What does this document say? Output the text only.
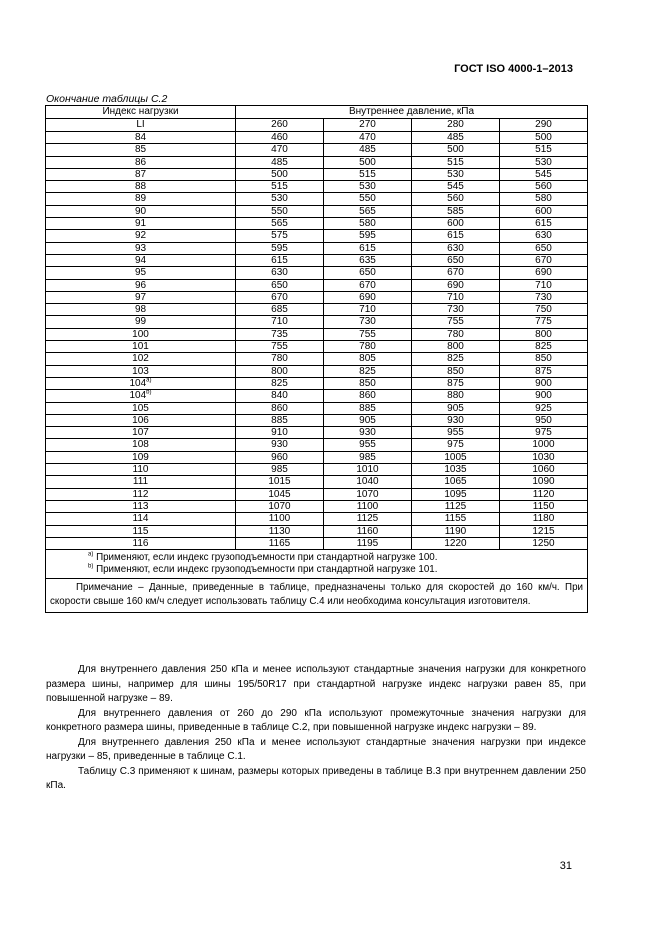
ГОСТ ISO 4000-1–2013
Окончание таблицы С.2
Индекс нагрузки	Внутреннее давление, кПа			
LI	260	270	280	290
84	460	470	485	500
85	470	485	500	515
86	485	500	515	530
87	500	515	530	545
88	515	530	545	560
89	530	550	560	580
90	550	565	585	600
91	565	580	600	615
92	575	595	615	630
93	595	615	630	650
94	615	635	650	670
95	630	650	670	690
96	650	670	690	710
97	670	690	710	730
98	685	710	730	750
99	710	730	755	775
100	735	755	780	800
101	755	780	800	825
102	780	805	825	850
103	800	825	850	875
104$^{a)}$	825	850	875	900
104$^{b)}$	840	860	880	900
105	860	885	905	925
106	885	905	930	950
107	910	930	955	975
108	930	955	975	1000
109	960	985	1005	1030
110	985	1010	1035	1060
111	1015	1040	1065	1090
112	1045	1070	1095	1120
113	1070	1100	1125	1150
114	1100	1125	1155	1180
115	1130	1160	1190	1215
116	1165	1195	1220	1250

$^{a)}$ Применяют, если индекс грузоподъемности при стандартной нагрузке 100.
$^{b)}$ Применяют, если индекс грузоподъемности при стандартной нагрузке 101.				

Примечание – Данные, приведенные в таблице, предназначены только для скоростей до 160 км/ч. При скорости свыше 160 км/ч следует использовать таблицу С.4 или необходима консультация изготовителя.				

Для внутреннего давления 250 кПа и менее используют стандартные значения нагрузки для конкретного размера шины, например для шины 195/50R17 при стандартной нагрузке индекс нагрузки равен 85, при повышенной нагрузке – 89.

Для внутреннего давления от 260 до 290 кПа используют промежуточные значения нагрузки для конкретного размера шины, приведенные в таблице С.2, при повышенной нагрузке индекс нагрузки – 89.

Для внутреннего давления 250 кПа и менее используют стандартные значения нагрузки при индексе нагрузки – 85, приведенные в таблице С.1.

Таблицу С.3 применяют к шинам, размеры которых приведены в таблице В.3 при внутреннем давлении 250 кПа.

31
